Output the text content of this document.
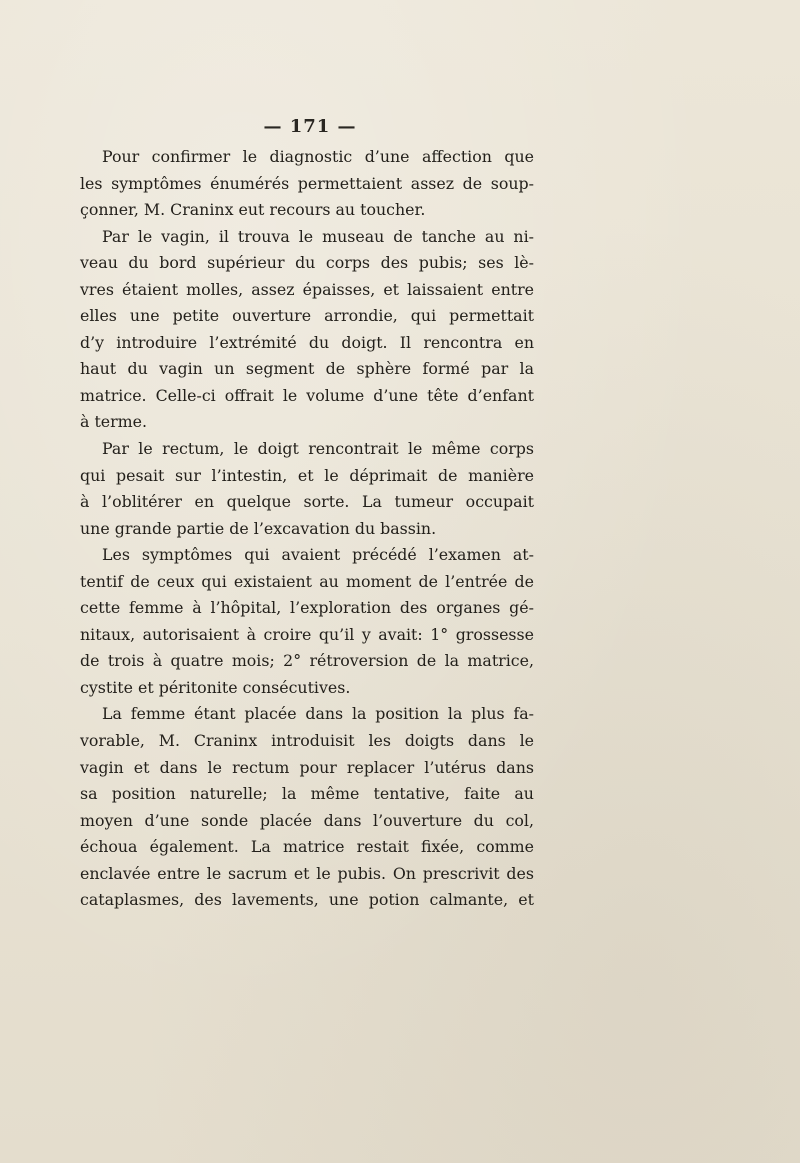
— 171 —

Pour confirmer le diagnostic d’une affection que

les symptômes énumérés permettaient assez de soup-

çonner, M. Craninx eut recours au toucher.

Par le vagin, il trouva le museau de tanche au ni-

veau du bord supérieur du corps des pubis; ses lè-

vres étaient molles, assez épaisses, et laissaient entre

elles une petite ouverture arrondie, qui permettait

d’y introduire l’extrémité du doigt. Il rencontra en

haut du vagin un segment de sphère formé par la

matrice. Celle-ci offrait le volume d’une tête d’enfant

à terme.

Par le rectum, le doigt rencontrait le même corps

qui pesait sur l’intestin, et le déprimait de manière

à l’oblitérer en quelque sorte. La tumeur occupait

une grande partie de l’excavation du bassin.

Les symptômes qui avaient précédé l’examen at-

tentif de ceux qui existaient au moment de l’entrée de

cette femme à l’hôpital, l’exploration des organes gé-

nitaux, autorisaient à croire qu’il y avait: 1° grossesse

de trois à quatre mois; 2° rétroversion de la matrice,

cystite et péritonite consécutives.

La femme étant placée dans la position la plus fa-

vorable, M. Craninx introduisit les doigts dans le

vagin et dans le rectum pour replacer l’utérus dans

sa position naturelle; la même tentative, faite au

moyen d’une sonde placée dans l’ouverture du col,

échoua également. La matrice restait fixée, comme

enclavée entre le sacrum et le pubis. On prescrivit des

cataplasmes, des lavements, une potion calmante, et
